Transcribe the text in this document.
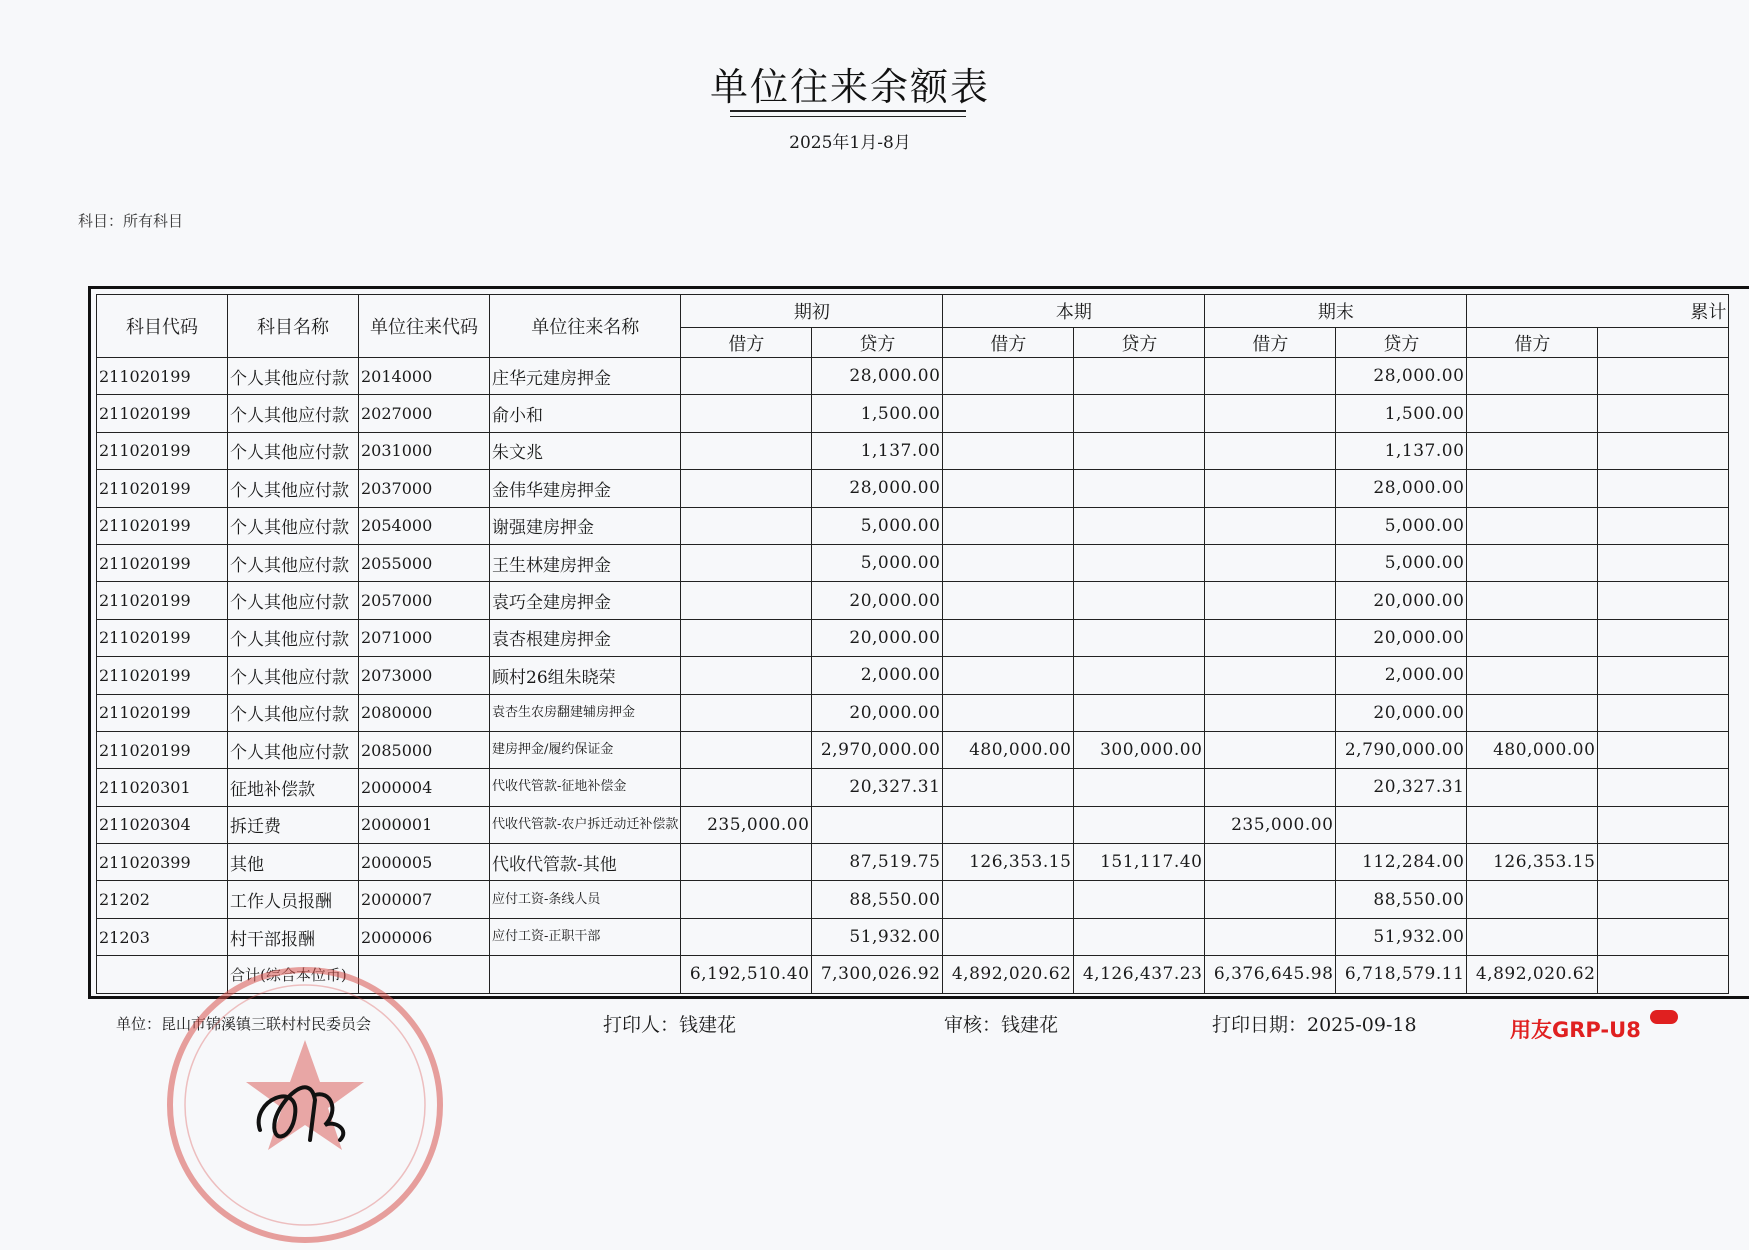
单位往来余额表
2025年1月-8月
科目：所有科目
科目代码	科目名称	单位往来代码	单位往来名称	期初		本期		期末		累计	
				借方	贷方	借方	贷方	借方	贷方	借方	
211020199	个人其他应付款	2014000	庄华元建房押金		28,000.00				28,000.00		
211020199	个人其他应付款	2027000	俞小和		1,500.00				1,500.00		
211020199	个人其他应付款	2031000	朱文兆		1,137.00				1,137.00		
211020199	个人其他应付款	2037000	金伟华建房押金		28,000.00				28,000.00		
211020199	个人其他应付款	2054000	谢强建房押金		5,000.00				5,000.00		
211020199	个人其他应付款	2055000	王生林建房押金		5,000.00				5,000.00		
211020199	个人其他应付款	2057000	袁巧全建房押金		20,000.00				20,000.00		
211020199	个人其他应付款	2071000	袁杏根建房押金		20,000.00				20,000.00		
211020199	个人其他应付款	2073000	顾村26组朱晓荣		2,000.00				2,000.00		
211020199	个人其他应付款	2080000	袁杏生农房翻建辅房押金		20,000.00				20,000.00		
211020199	个人其他应付款	2085000	建房押金/履约保证金		2,970,000.00	480,000.00	300,000.00		2,790,000.00	480,000.00	
211020301	征地补偿款	2000004	代收代管款-征地补偿金		20,327.31				20,327.31		
211020304	拆迁费	2000001	代收代管款-农户拆迁动迁补偿款	235,000.00				235,000.00			
211020399	其他	2000005	代收代管款-其他		87,519.75	126,353.15	151,117.40		112,284.00	126,353.15	
21202	工作人员报酬	2000007	应付工资-条线人员		88,550.00				88,550.00		
21203	村干部报酬	2000006	应付工资-正职干部		51,932.00				51,932.00		
	合计(综合本位币)			6,192,510.40	7,300,026.92	4,892,020.62	4,126,437.23	6,376,645.98	6,718,579.11	4,892,020.62	
单位：昆山市锦溪镇三联村村民委员会	打印人：钱建花	审核：钱建花	打印日期：2025-09-18	用友GRP-U8
